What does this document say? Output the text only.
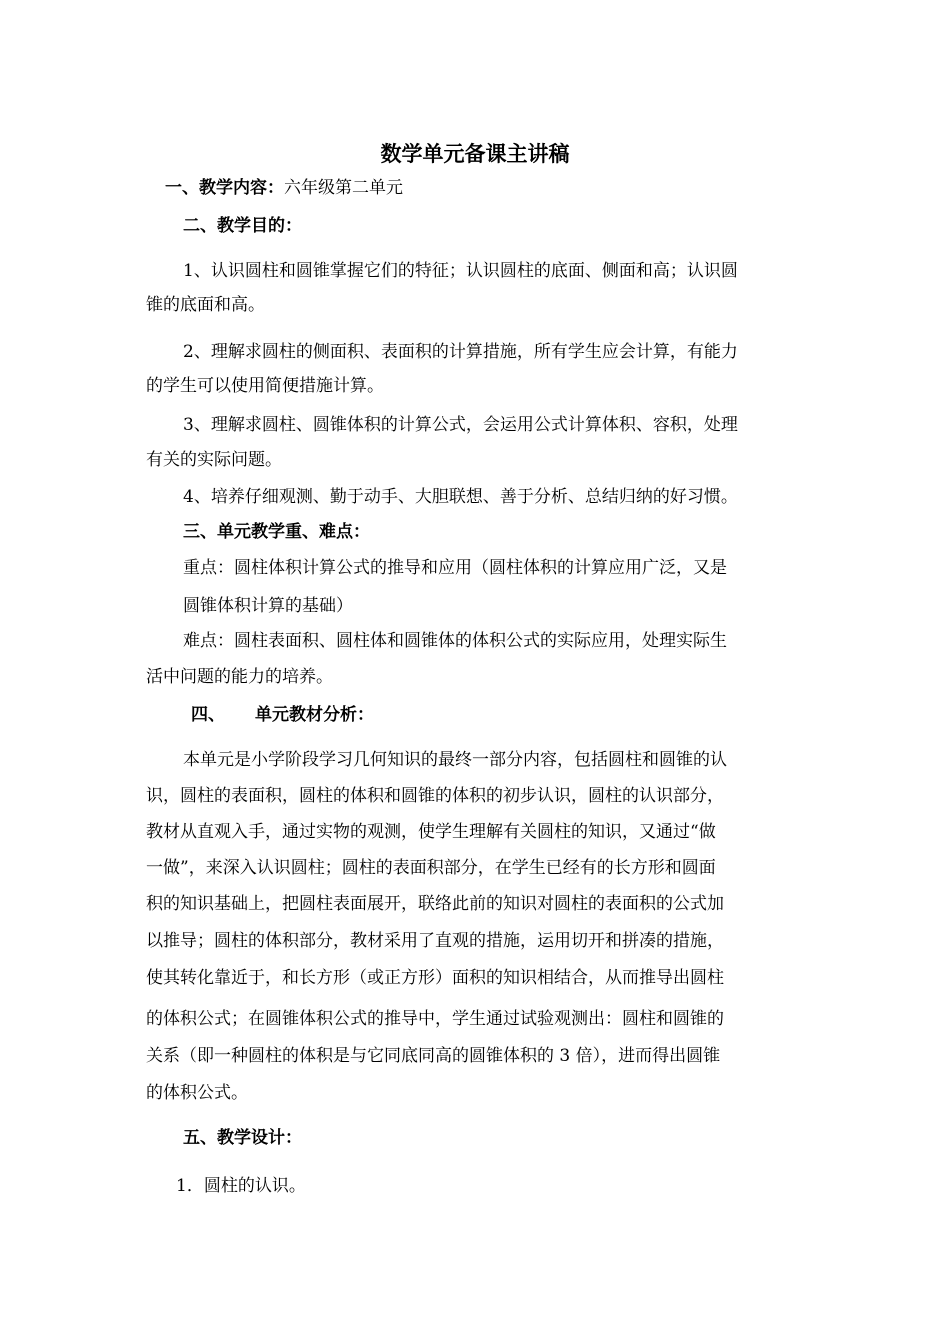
数学单元备课主讲稿
一、教学内容：六年级第二单元
二、教学目的：
1、认识圆柱和圆锥掌握它们的特征；认识圆柱的底面、侧面和高；认识圆
锥的底面和高。
2、理解求圆柱的侧面积、表面积的计算措施，所有学生应会计算，有能力
的学生可以使用简便措施计算。
3、理解求圆柱、圆锥体积的计算公式，会运用公式计算体积、容积，处理
有关的实际问题。
4、培养仔细观测、勤于动手、大胆联想、善于分析、总结归纳的好习惯。
三、单元教学重、难点：
重点：圆柱体积计算公式的推导和应用（圆柱体积的计算应用广泛，又是
圆锥体积计算的基础）
难点：圆柱表面积、圆柱体和圆锥体的体积公式的实际应用，处理实际生
活中问题的能力的培养。
四、 单元教材分析：
本单元是小学阶段学习几何知识的最终一部分内容，包括圆柱和圆锥的认
识，圆柱的表面积，圆柱的体积和圆锥的体积的初步认识，圆柱的认识部分，
教材从直观入手，通过实物的观测，使学生理解有关圆柱的知识，又通过“做
一做”，来深入认识圆柱；圆柱的表面积部分，在学生已经有的长方形和圆面
积的知识基础上，把圆柱表面展开，联络此前的知识对圆柱的表面积的公式加
以推导；圆柱的体积部分，教材采用了直观的措施，运用切开和拼凑的措施，
使其转化靠近于，和长方形（或正方形）面积的知识相结合，从而推导出圆柱
的体积公式；在圆锥体积公式的推导中，学生通过试验观测出：圆柱和圆锥的
关系（即一种圆柱的体积是与它同底同高的圆锥体积的 3 倍），进而得出圆锥
的体积公式。
五、教学设计：
1．圆柱的认识。
